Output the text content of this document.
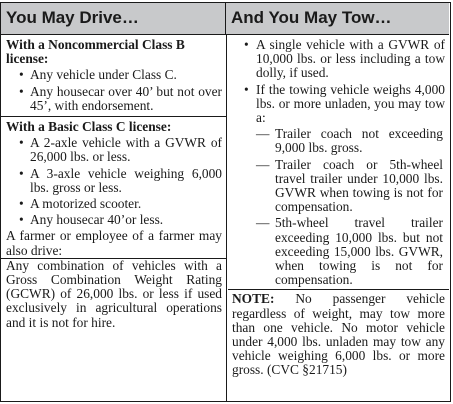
You May Drive…	And You May Tow…
With a Noncommercial Class B license:
• Any vehicle under Class C.
• Any housecar over 40’ but not over 45’, with endorsement.
With a Basic Class C license:
• A 2-axle vehicle with a GVWR of 26,000 lbs. or less.
• A 3-axle vehicle weighing 6,000 lbs. gross or less.
• A motorized scooter.
• Any housecar 40’or less.
A farmer or employee of a farmer may also drive:
Any combination of vehicles with a Gross Combination Weight Rating (GCWR) of 26,000 lbs. or less if used exclusively in agricultural operations and it is not for hire.
• A single vehicle with a GVWR of 10,000 lbs. or less including a tow dolly, if used.
• If the towing vehicle weighs 4,000 lbs. or more unladen, you may tow a:
— Trailer coach not exceeding 9,000 lbs. gross.
— Trailer coach or 5th-wheel travel trailer under 10,000 lbs. GVWR when towing is not for compensation.
— 5th-wheel travel trailer exceeding 10,000 lbs. but not exceeding 15,000 lbs. GVWR, when towing is not for compensation.
NOTE: No passenger vehicle regardless of weight, may tow more than one vehicle. No motor vehicle under 4,000 lbs. unladen may tow any vehicle weighing 6,000 lbs. or more gross. (CVC §21715)
